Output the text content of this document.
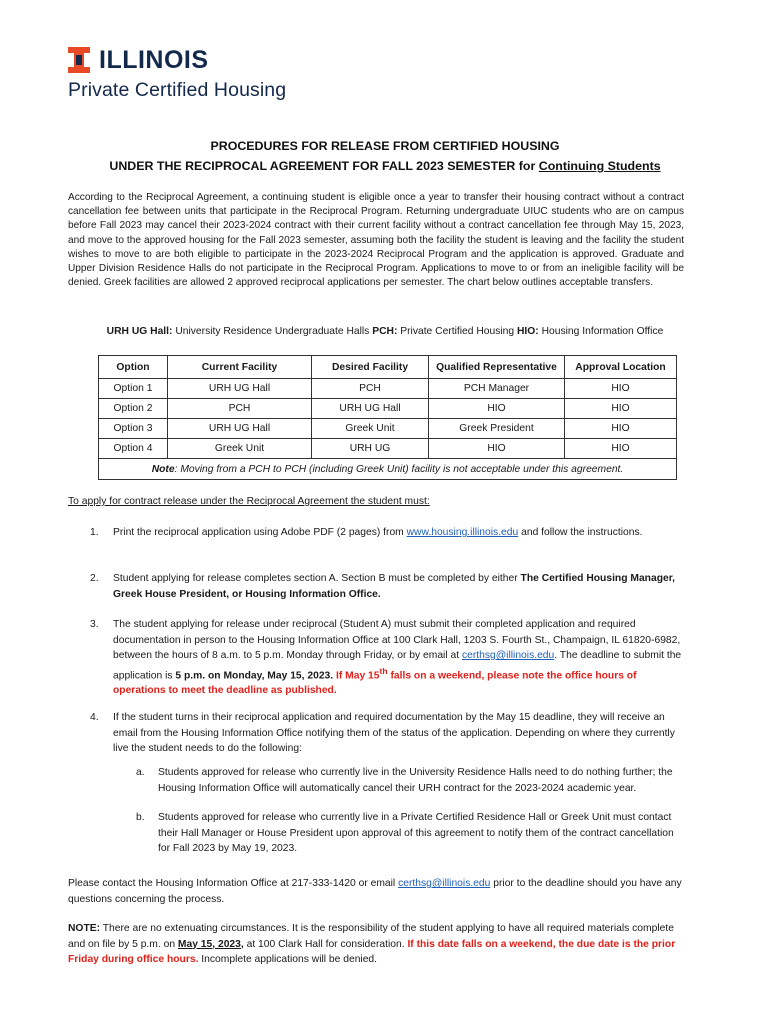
ILLINOIS
Private Certified Housing
PROCEDURES FOR RELEASE FROM CERTIFIED HOUSING
UNDER THE RECIPROCAL AGREEMENT FOR FALL 2023 SEMESTER for Continuing Students
According to the Reciprocal Agreement, a continuing student is eligible once a year to transfer their housing contract without a contract cancellation fee between units that participate in the Reciprocal Program. Returning undergraduate UIUC students who are on campus before Fall 2023 may cancel their 2023-2024 contract with their current facility without a contract cancellation fee through May 15, 2023, and move to the approved housing for the Fall 2023 semester, assuming both the facility the student is leaving and the facility the student wishes to move to are both eligible to participate in the 2023-2024 Reciprocal Program and the application is approved. Graduate and Upper Division Residence Halls do not participate in the Reciprocal Program. Applications to move to or from an ineligible facility will be denied. Greek facilities are allowed 2 approved reciprocal applications per semester. The chart below outlines acceptable transfers.
URH UG Hall: University Residence Undergraduate Halls PCH: Private Certified Housing HIO: Housing Information Office
Option	Current Facility	Desired Facility	Qualified Representative	Approval Location
Option 1	URH UG Hall	PCH	PCH Manager	HIO
Option 2	PCH	URH UG Hall	HIO	HIO
Option 3	URH UG Hall	Greek Unit	Greek President	HIO
Option 4	Greek Unit	URH UG	HIO	HIO
Note: Moving from a PCH to PCH (including Greek Unit) facility is not acceptable under this agreement.				
To apply for contract release under the Reciprocal Agreement the student must:
1. Print the reciprocal application using Adobe PDF (2 pages) from www.housing.illinois.edu and follow the instructions.
2. Student applying for release completes section A. Section B must be completed by either The Certified Housing Manager, Greek House President, or Housing Information Office.
3. The student applying for release under reciprocal (Student A) must submit their completed application and required documentation in person to the Housing Information Office at 100 Clark Hall, 1203 S. Fourth St., Champaign, IL 61820-6982, between the hours of 8 a.m. to 5 p.m. Monday through Friday, or by email at certhsg@illinois.edu. The deadline to submit the application is 5 p.m. on Monday, May 15, 2023. If May 15th falls on a weekend, please note the office hours of operations to meet the deadline as published.
4. If the student turns in their reciprocal application and required documentation by the May 15 deadline, they will receive an email from the Housing Information Office notifying them of the status of the application. Depending on where they currently live the student needs to do the following:
a. Students approved for release who currently live in the University Residence Halls need to do nothing further; the Housing Information Office will automatically cancel their URH contract for the 2023-2024 academic year.
b. Students approved for release who currently live in a Private Certified Residence Hall or Greek Unit must contact their Hall Manager or House President upon approval of this agreement to notify them of the contract cancellation for Fall 2023 by May 19, 2023.
Please contact the Housing Information Office at 217-333-1420 or email certhsg@illinois.edu prior to the deadline should you have any questions concerning the process.
NOTE: There are no extenuating circumstances. It is the responsibility of the student applying to have all required materials complete and on file by 5 p.m. on May 15, 2023, at 100 Clark Hall for consideration. If this date falls on a weekend, the due date is the prior Friday during office hours. Incomplete applications will be denied.
